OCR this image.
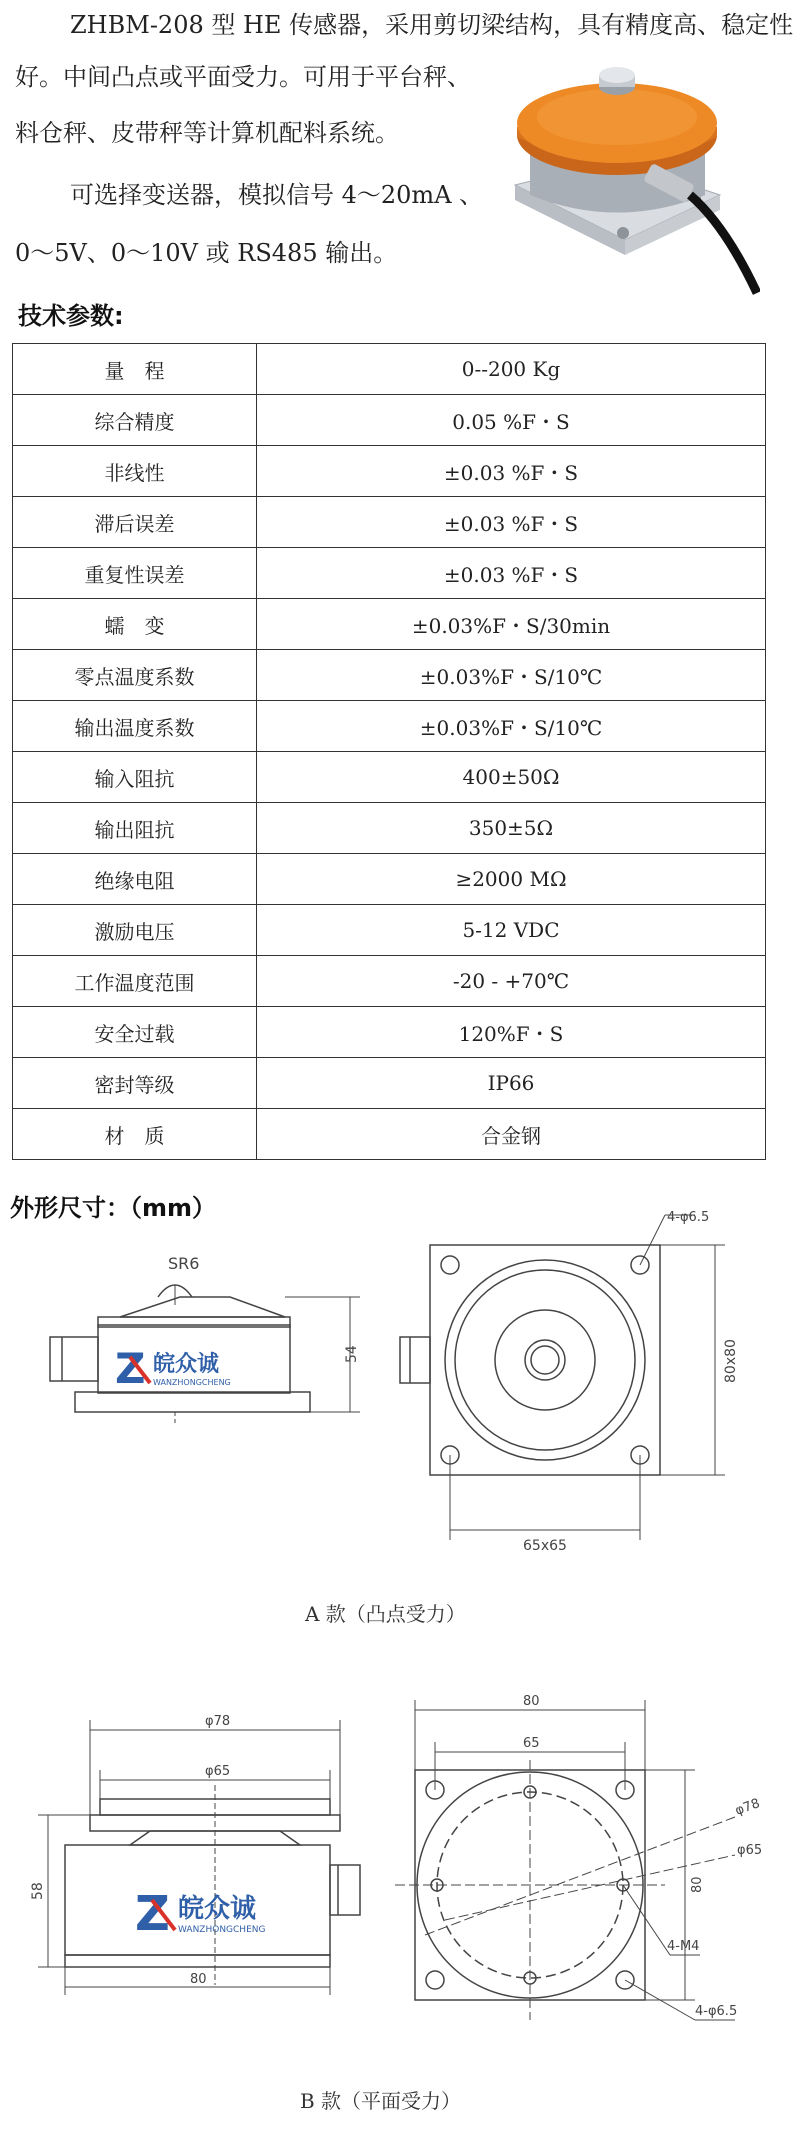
ZHBM-208 型 HE 传感器，采用剪切梁结构，具有精度高、稳定性

好。中间凸点或平面受力。可用于平台秤、

料仓秤、皮带秤等计算机配料系统。

可选择变送器，模拟信号 4～20mA 、

0～5V、0～10V 或 RS485 输出。

技术参数:
量　程	0--200 Kg
综合精度	0.05 %F・S
非线性	±0.03 %F・S
滞后误差	±0.03 %F・S
重复性误差	±0.03 %F・S
蠕　变	±0.03%F・S/30min
零点温度系数	±0.03%F・S/10℃
输出温度系数	±0.03%F・S/10℃
输入阻抗	400±50Ω
输出阻抗	350±5Ω
绝缘电阻	≥2000 MΩ
激励电压	5-12 VDC
工作温度范围	-20 - +70℃
安全过载	120%F・S
密封等级	IP66
材　质	合金钢
外形尺寸：（mm）
SR6
54
Z 皖众诚
WANZHONGCHENG
4-φ6.5
80x80
65x65
A 款（凸点受力）
φ78
φ65
58
80
Z 皖众诚
WANZHONGCHENG
80
65
φ78
φ65
80
4-M4
4-φ6.5
B 款（平面受力）
